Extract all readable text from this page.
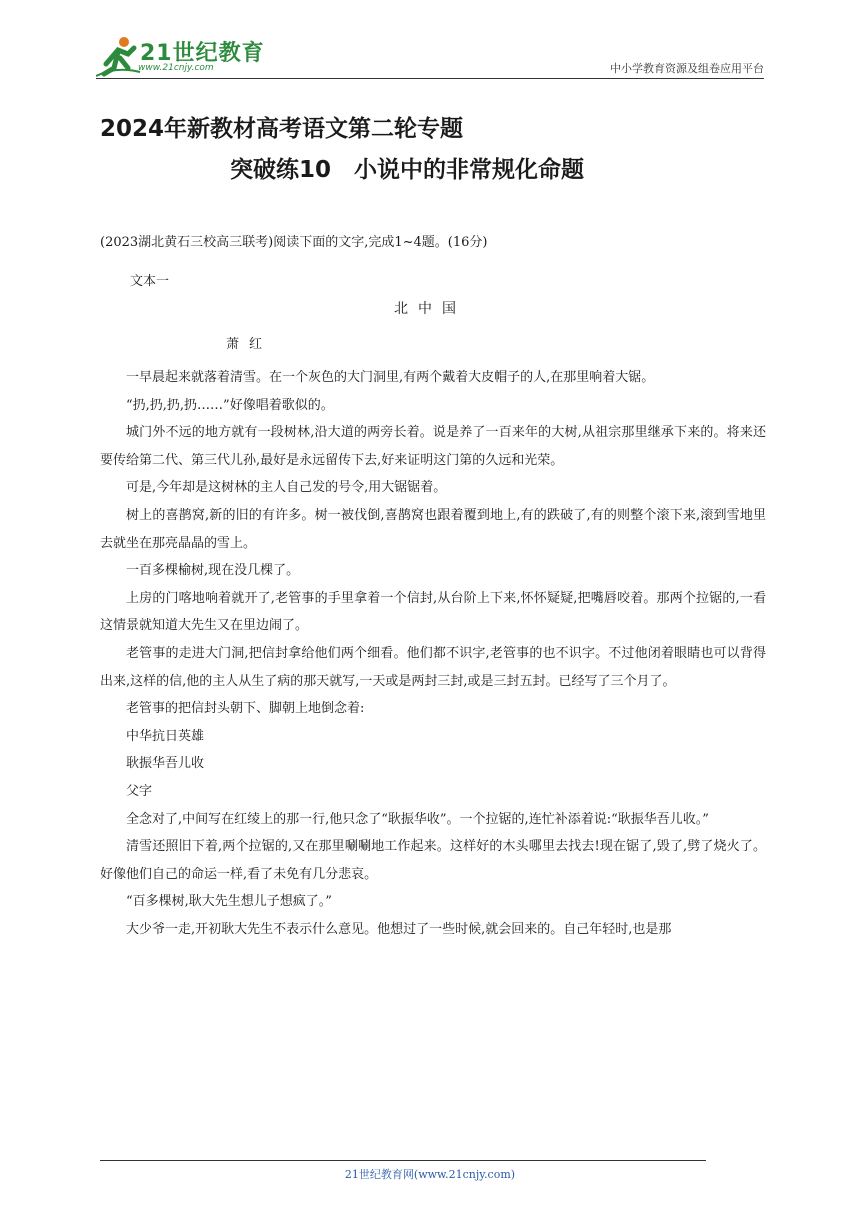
21世纪教育
www.21cnjy.com	中小学教育资源及组卷应用平台
2024年新教材高考语文第二轮专题
突破练10　小说中的非常规化命题
(2023湖北黄石三校高三联考)阅读下面的文字,完成1~4题。(16分)
文本一
北中国
萧红

一早晨起来就落着清雪。在一个灰色的大门洞里,有两个戴着大皮帽子的人,在那里响着大锯。

“扔,扔,扔,扔……”好像唱着歌似的。

城门外不远的地方就有一段树林,沿大道的两旁长着。说是养了一百来年的大树,从祖宗那里继承下来的。将来还要传给第二代、第三代儿孙,最好是永远留传下去,好来证明这门第的久远和光荣。

可是,今年却是这树林的主人自己发的号令,用大锯锯着。

树上的喜鹊窝,新的旧的有许多。树一被伐倒,喜鹊窝也跟着覆到地上,有的跌破了,有的则整个滚下来,滚到雪地里去就坐在那亮晶晶的雪上。

一百多棵榆树,现在没几棵了。

上房的门喀地响着就开了,老管事的手里拿着一个信封,从台阶上下来,怀怀疑疑,把嘴唇咬着。那两个拉锯的,一看这情景就知道大先生又在里边闹了。

老管事的走进大门洞,把信封拿给他们两个细看。他们都不识字,老管事的也不识字。不过他闭着眼睛也可以背得出来,这样的信,他的主人从生了病的那天就写,一天或是两封三封,或是三封五封。已经写了三个月了。

老管事的把信封头朝下、脚朝上地倒念着:

中华抗日英雄

耿振华吾儿收

父字

全念对了,中间写在红绫上的那一行,他只念了“耿振华收”。一个拉锯的,连忙补添着说:“耿振华吾儿收。”

清雪还照旧下着,两个拉锯的,又在那里唰唰地工作起来。这样好的木头哪里去找去!现在锯了,毁了,劈了烧火了。好像他们自己的命运一样,看了未免有几分悲哀。

“百多棵树,耿大先生想儿子想疯了。”

大少爷一走,开初耿大先生不表示什么意见。他想过了一些时候,就会回来的。自己年轻时,也是那

21世纪教育网(www.21cnjy.com)
